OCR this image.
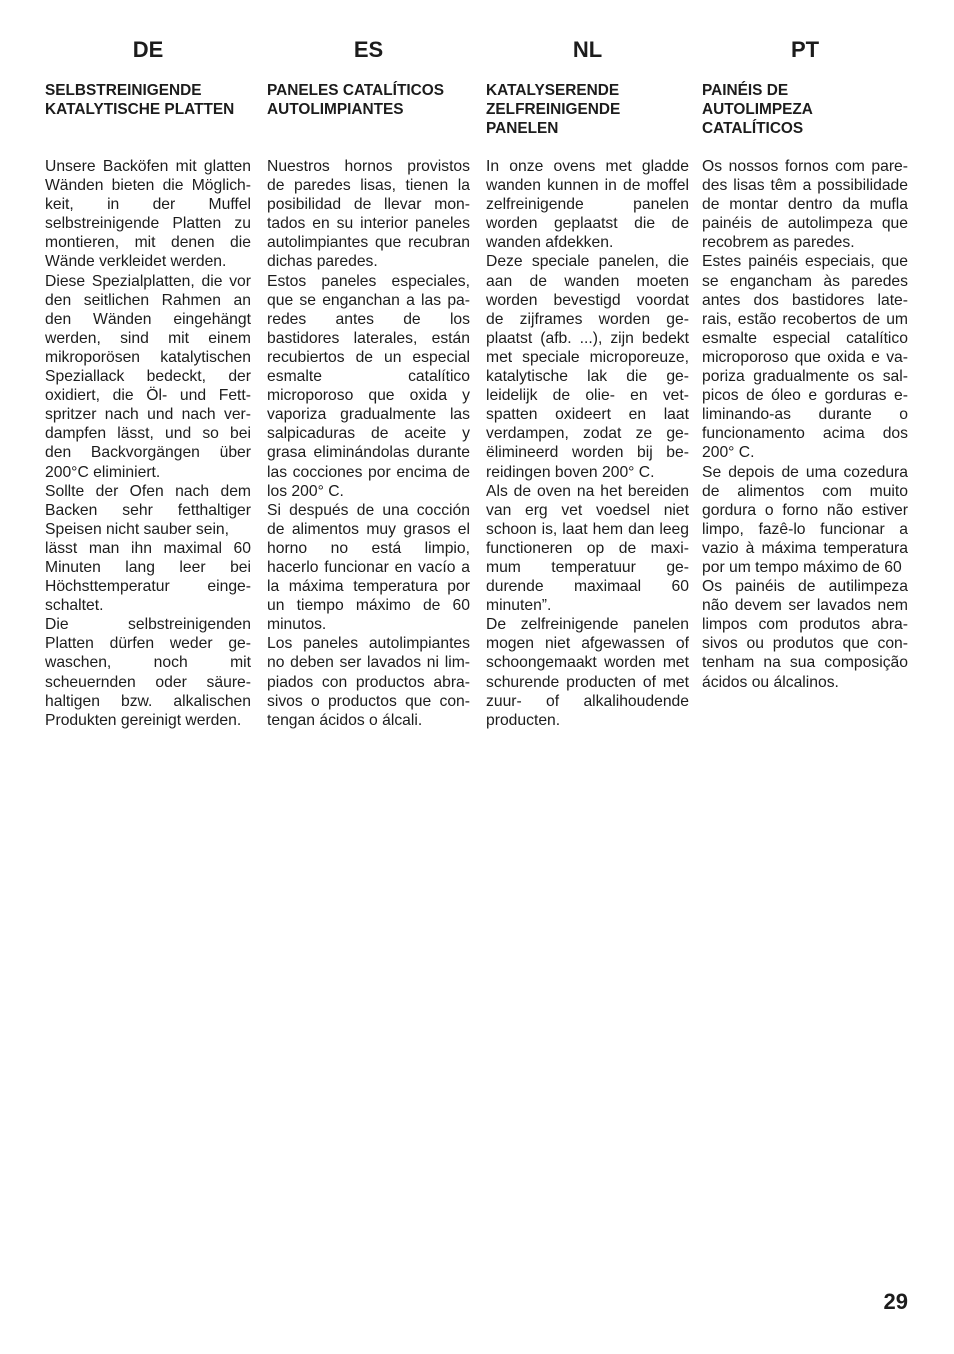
DE
SELBSTREINIGENDE
KATALYTISCHE PLATTEN
Unsere Backöfen mit glatten
Wänden bieten die Möglich-
keit, in der Muffel
selbstreinigende Platten zu
montieren, mit denen die
Wände verkleidet werden.
Diese Spezialplatten, die vor
den seitlichen Rahmen an
den Wänden eingehängt
werden, sind mit einem
mikroporösen katalytischen
Speziallack bedeckt, der
oxidiert, die Öl- und Fett-
spritzer nach und nach ver-
dampfen lässt, und so bei
den Backvorgängen über
200°C eliminiert.
Sollte der Ofen nach dem
Backen sehr fetthaltiger
Speisen nicht sauber sein,
lässt man ihn maximal 60
Minuten lang leer bei
Höchsttemperatur einge-
schaltet.
Die selbstreinigenden
Platten dürfen weder ge-
waschen, noch mit
scheuernden oder säure-
haltigen bzw. alkalischen
Produkten gereinigt werden.
ES
PANELES CATALÍTICOS
AUTOLIMPIANTES
Nuestros hornos provistos
de paredes lisas, tienen la
posibilidad de llevar mon-
tados en su interior paneles
autolimpiantes que recubran
dichas paredes.
Estos paneles especiales,
que se enganchan a las pa-
redes antes de los
bastidores laterales, están
recubiertos de un especial
esmalte catalítico
microporoso que oxida y
vaporiza gradualmente las
salpicaduras de aceite y
grasa eliminándolas durante
las cocciones por encima de
los 200° C.
Si después de una cocción
de alimentos muy grasos el
horno no está limpio,
hacerlo funcionar en vacío a
la máxima temperatura por
un tiempo máximo de 60
minutos.
Los paneles autolimpiantes
no deben ser lavados ni lim-
piados con productos abra-
sivos o productos que con-
tengan ácidos o álcali.
NL
KATALYSERENDE
ZELFREINIGENDE
PANELEN
In onze ovens met gladde
wanden kunnen in de moffel
zelfreinigende panelen
worden geplaatst die de
wanden afdekken.
Deze speciale panelen, die
aan de wanden moeten
worden bevestigd voordat
de zijframes worden ge-
plaatst (afb. ...), zijn bedekt
met speciale microporeuze,
katalytische lak die ge-
leidelijk de olie- en vet-
spatten oxideert en laat
verdampen, zodat ze ge-
ëlimineerd worden bij be-
reidingen boven 200° C.
Als de oven na het bereiden
van erg vet voedsel niet
schoon is, laat hem dan leeg
functioneren op de maxi-
mum temperatuur ge-
durende maximaal 60
minuten”.
De zelfreinigende panelen
mogen niet afgewassen of
schoongemaakt worden met
schurende producten of met
zuur- of alkalihoudende
producten.
PT
PAINÉIS DE
AUTOLIMPEZA
CATALÍTICOS
Os nossos fornos com pare-
des lisas têm a possibilidade
de montar dentro da mufla
painéis de autolimpeza que
recobrem as paredes.
Estes painéis especiais, que
se engancham às paredes
antes dos bastidores late-
rais, estão recobertos de um
esmalte especial catalítico
microporoso que oxida e va-
poriza gradualmente os sal-
picos de óleo e gorduras e-
liminando-as durante o
funcionamento acima dos
200° C.
Se depois de uma cozedura
de alimentos com muito
gordura o forno não estiver
limpo, fazê-lo funcionar a
vazio à máxima temperatura
por um tempo máximo de 60
Os painéis de autilimpeza
não devem ser lavados nem
limpos com produtos abra-
sivos ou produtos que con-
tenham na sua composição
ácidos ou álcalinos.
29
